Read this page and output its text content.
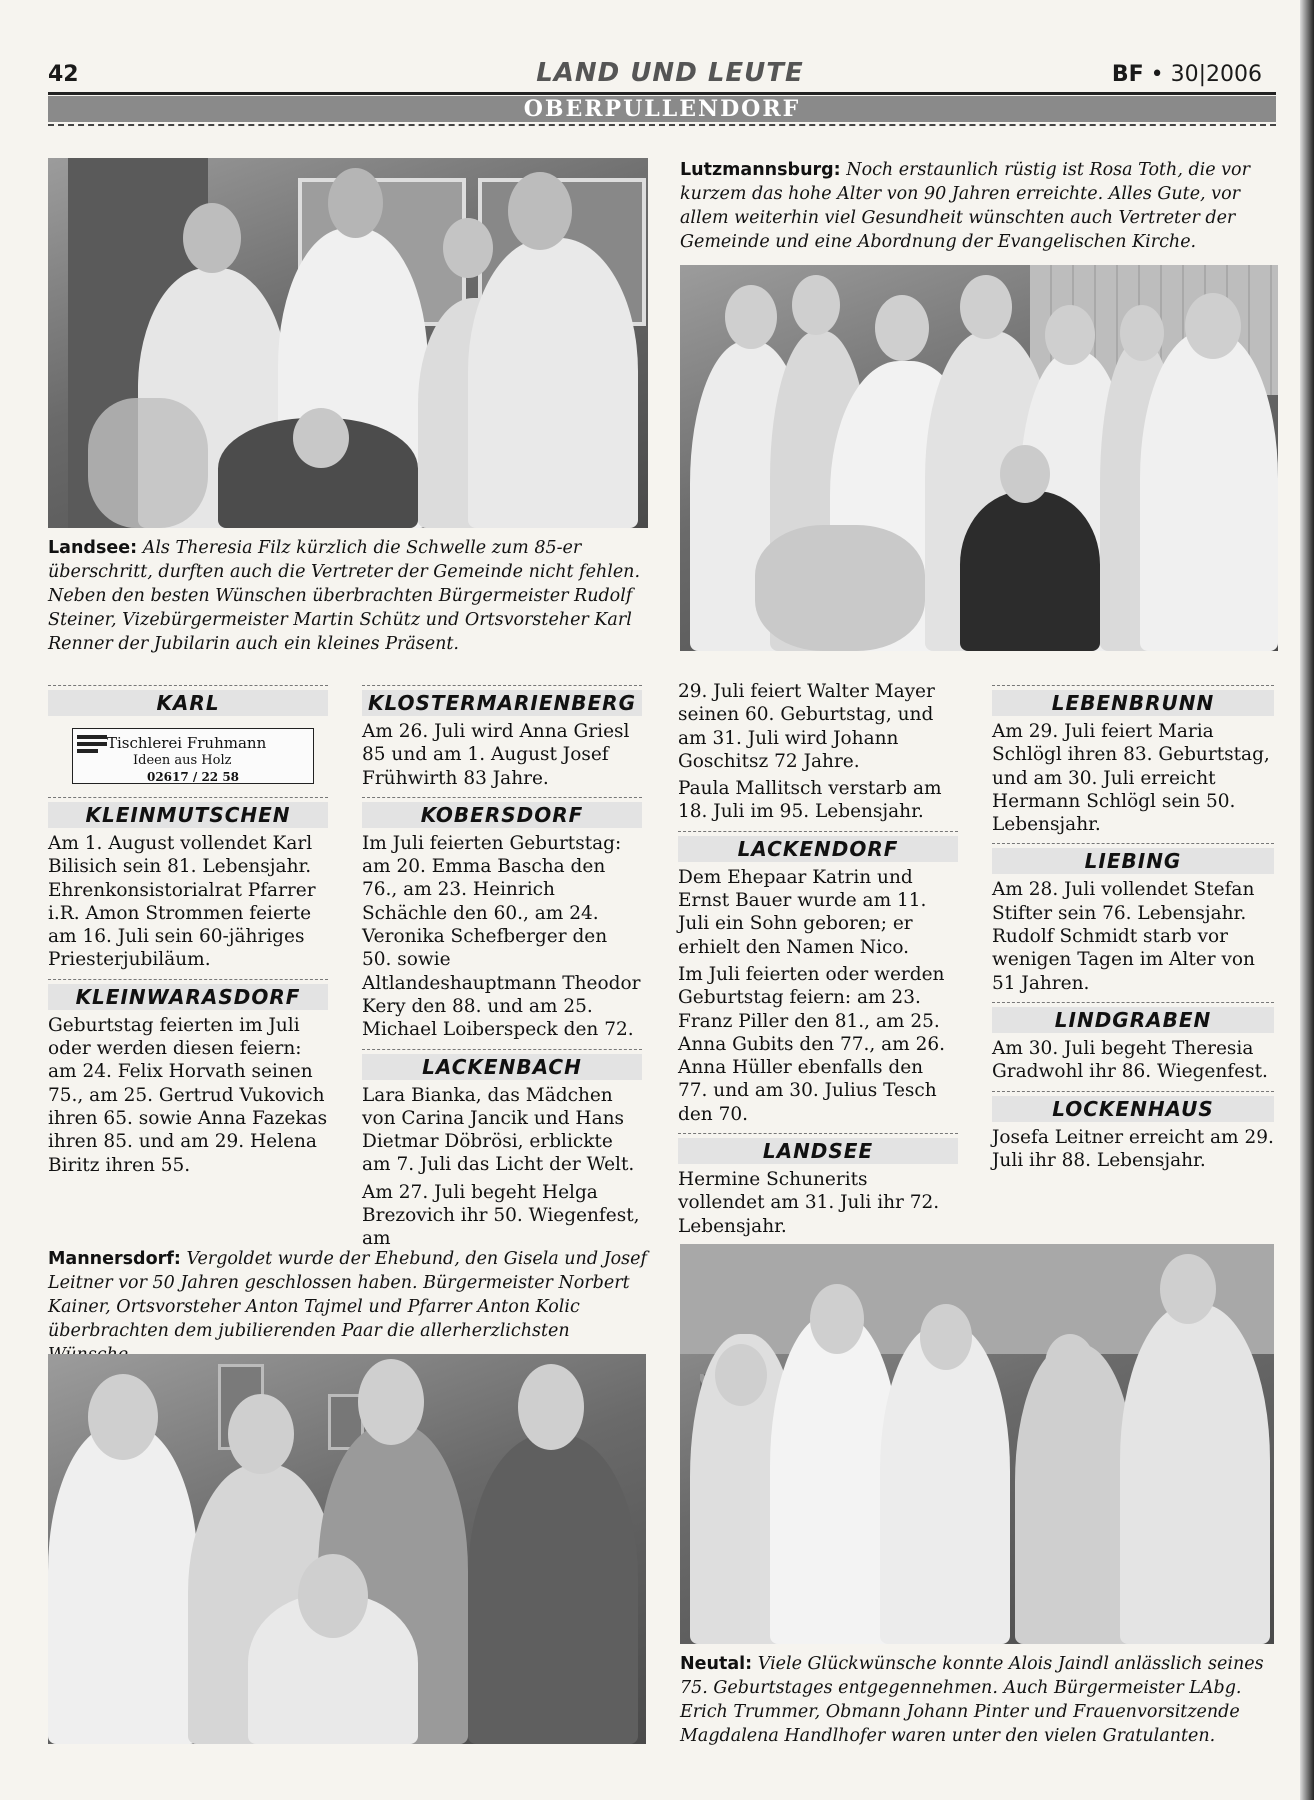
42	LAND UND LEUTE	BF • 30|2006
OBERPULLENDORF
Lutzmannsburg: Noch erstaunlich rüstig ist Rosa Toth, die vor kurzem das hohe Alter von 90 Jahren erreichte. Alles Gute, vor allem weiterhin viel Gesundheit wünschten auch Vertreter der Gemeinde und eine Abordnung der Evangelischen Kirche.
Landsee: Als Theresia Filz kürzlich die Schwelle zum 85-er überschritt, durften auch die Vertreter der Gemeinde nicht fehlen. Neben den besten Wünschen überbrachten Bürgermeister Rudolf Steiner, Vizebürgermeister Martin Schütz und Ortsvorsteher Karl Renner der Jubilarin auch ein kleines Präsent.
KARL
Tischlerei Fruhmann
Ideen aus Holz
02617 / 22 58
KLEINMUTSCHEN

Am 1. August vollendet Karl Bilisich sein 81. Lebensjahr. Ehrenkonsistorialrat Pfarrer i.R. Amon Strommen feierte am 16. Juli sein 60-jähriges Priesterjubiläum.

KLEINWARASDORF

Geburtstag feierten im Juli oder werden diesen feiern: am 24. Felix Horvath seinen 75., am 25. Gertrud Vukovich ihren 65. sowie Anna Fazekas ihren 85. und am 29. Helena Biritz ihren 55.

KLOSTERMARIENBERG

Am 26. Juli wird Anna Griesl 85 und am 1. August Josef Frühwirth 83 Jahre.

KOBERSDORF

Im Juli feierten Geburtstag: am 20. Emma Bascha den 76., am 23. Heinrich Schächle den 60., am 24. Veronika Schefberger den 50. sowie Altlandeshauptmann Theodor Kery den 88. und am 25. Michael Loiberspeck den 72.

LACKENBACH

Lara Bianka, das Mädchen von Carina Jancik und Hans Dietmar Döbrösi, erblickte am 7. Juli das Licht der Welt.

Am 27. Juli begeht Helga Brezovich ihr 50. Wiegenfest, am

29. Juli feiert Walter Mayer seinen 60. Geburtstag, und am 31. Juli wird Johann Goschitsz 72 Jahre.

Paula Mallitsch verstarb am 18. Juli im 95. Lebensjahr.

LACKENDORF

Dem Ehepaar Katrin und Ernst Bauer wurde am 11. Juli ein Sohn geboren; er erhielt den Namen Nico.

Im Juli feierten oder werden Geburtstag feiern: am 23. Franz Piller den 81., am 25. Anna Gubits den 77., am 26. Anna Hüller ebenfalls den 77. und am 30. Julius Tesch den 70.

LANDSEE

Hermine Schunerits vollendet am 31. Juli ihr 72. Lebensjahr.

LEBENBRUNN

Am 29. Juli feiert Maria Schlögl ihren 83. Geburtstag, und am 30. Juli erreicht Hermann Schlögl sein 50. Lebensjahr.

LIEBING

Am 28. Juli vollendet Stefan Stifter sein 76. Lebensjahr. Rudolf Schmidt starb vor wenigen Tagen im Alter von 51 Jahren.

LINDGRABEN

Am 30. Juli begeht Theresia Gradwohl ihr 86. Wiegenfest.

LOCKENHAUS

Josefa Leitner erreicht am 29. Juli ihr 88. Lebensjahr.

Mannersdorf: Vergoldet wurde der Ehebund, den Gisela und Josef Leitner vor 50 Jahren geschlossen haben. Bürgermeister Norbert Kainer, Ortsvorsteher Anton Tajmel und Pfarrer Anton Kolic überbrachten dem jubilierenden Paar die allerherzlichsten
Neutal: Viele Glückwünsche konnte Alois Jaindl anlässlich seines 75. Geburtstages entgegennehmen. Auch Bürgermeister LAbg. Erich Trummer, Obmann Johann Pinter und Frauenvorsitzende Magdalena Handlhofer waren unter den vielen Gratulanten.
